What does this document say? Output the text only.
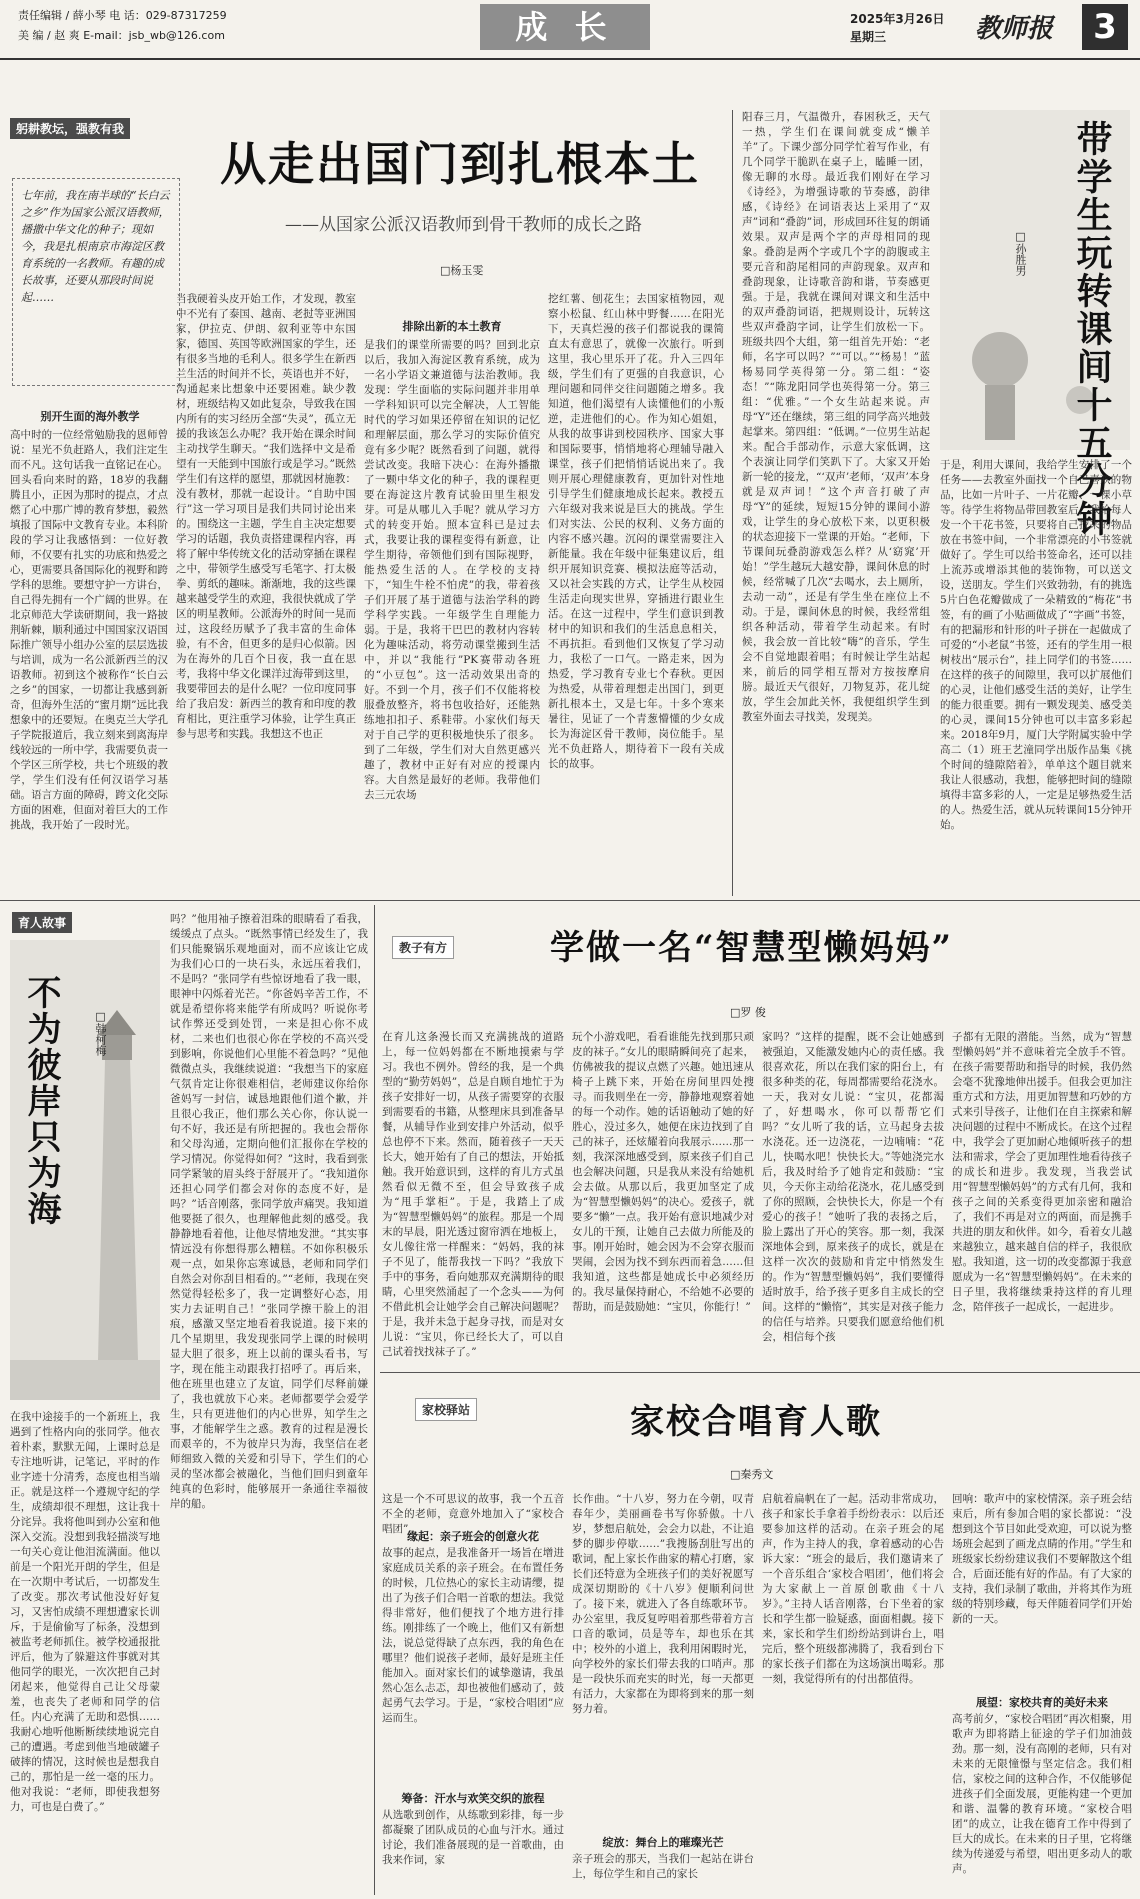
责任编辑 / 薛小琴 电 话：029-87317259
美 编 / 赵 爽 E-mail：jsb_wb@126.com	成 长	2025年3月26日
星期三	教师报	3
躬耕教坛，强教有我
从走出国门到扎根本土
——从国家公派汉语教师到骨干教师的成长之路
□杨玉雯
七年前，我在南半球的“长白云之乡”作为国家公派汉语教师，播撒中华文化的种子；现如今，我是扎根南京市海淀区教育系统的一名教师。有趣的成长故事，还要从那段时间说起……
别开生面的海外教学
高中时的一位经常勉励我的恩师曾说：星光不负赶路人，我们注定生而不凡。这句话我一直铭记在心。回头看向来时的路，18岁的我翻腾且小，正因为那时的提点，才点燃了心中那广博的教育梦想，毅然填报了国际中文教育专业。本科阶段的学习让我感悟到：一位好教师，不仅要有扎实的功底和热爱之心，更需要具备国际化的视野和跨学科的思维。要想守护一方讲台，自己得先拥有一个广阔的世界。在北京师范大学读研期间，我一路披荆斩棘，顺利通过中国国家汉语国际推广领导小组办公室的层层选拔与培训，成为一名公派新西兰的汉语教师。初到这个被称作“长白云之乡”的国家，一切都让我感到新奇，但海外生活的“蜜月期”远比我想象中的还要短。在奥克兰大学孔子学院报道后，我立刻来到离海岸线较远的一所中学，我需要负责一个学区三所学校，共七个班级的教学，学生们没有任何汉语学习基础。语言方面的障碍，跨文化交际方面的困难，但面对着巨大的工作挑战，我开始了一段时光。
当我硬着头皮开始工作，才发现，教室中不光有了泰国、越南、老挝等亚洲国家，伊拉克、伊朗、叙利亚等中东国家，德国、英国等欧洲国家的学生，还有很多当地的毛利人。很多学生在新西兰生活的时间并不长，英语也并不好，沟通起来比想象中还要困难。缺少教材，班级结构又如此复杂，导致我在国内所有的实习经历全部“失灵”，孤立无援的我该怎么办呢？我开始在课余时间主动找学生聊天。“我们选择中文是希望有一天能到中国旅行或是学习。”既然学生们有这样的愿望，那就因材施教：没有教材，那就一起设计。“自助中国行”这一学习项目是我们共同讨论出来的。围绕这一主题，学生自主决定想要学习的话题，我负责搭建课程内容，再将了解中华传统文化的活动穿插在课程之中，带领学生感受写毛笔字、打太极拳、剪纸的趣味。渐渐地，我的这些课越来越受学生的欢迎，我很快就成了学区的明星教师。公派海外的时间一晃而过，这段经历赋予了我丰富的生命体验，有不舍，但更多的是归心似箭。因为在海外的几百个日夜，我一直在思考，我将中华文化课洋过海带到这里，我要带回去的是什么呢？一位印度同事给了我启发：新西兰的教育和印度的教育相比，更注重学习体验，让学生真正参与思考和实践。我想这不也正
排除出新的本土教育
是我们的课堂所需要的吗？回到北京以后，我加入海淀区教育系统，成为一名小学语文兼道德与法治教师。我发现：学生面临的实际问题并非用单一学科知识可以完全解决，人工智能时代的学习如果还停留在知识的记忆和理解层面，那么学习的实际价值究竟有多少呢？既然看到了问题，就得尝试改变。我暗下决心：在海外播撒了一颗中华文化的种子，我的课程更要在海淀这片教育试验田里生根发芽。可是从哪儿入手呢？就从学习方式的转变开始。照本宣科已是过去式，我要让我的课程变得有新意，让学生期待，帝领他们到有国际视野，能热爱生活的人。在学校的支持下，“知生牛栓不怕虎”的我，带着孩子们开展了基于道德与法治学科的跨学科学实践。一年级学生自理能力弱。于是，我将干巴巴的教材内容转化为趣味活动，将劳动课堂搬到生活中，并以“我能行”PK赛带动各班的“小豆包”。这一活动效果出奇的好。不到一个月，孩子们不仅能将校服叠放整齐，将书包收拾好，还能熟练地扣扣子、系鞋带。小家伙们每天对于自己学的更积极地快乐了很多。到了二年级，学生们对大自然更感兴趣了，教材中正好有对应的授课内容。大自然是最好的老师。我带他们去三元农场
挖红薯、刨花生；去国家植物园，观察小松鼠、红山林中野餐……在阳光下，天真烂漫的孩子们都说我的课简直太有意思了，就像一次旅行。听到这里，我心里乐开了花。升入三四年级，学生们有了更强的自我意识，心理问题和同伴交往问题随之增多。我知道，他们渴望有人读懂他们的小叛逆，走进他们的心。作为知心姐姐，从我的故事讲到校园秩序、国家大事和国际要事，悄悄地将心理辅导融入课堂，孩子们把悄悄话说出来了。我则开展心理健康教育，更加针对性地引导学生们健康地成长起来。教授五六年级对我来说是巨大的挑战。学生们对实法、公民的权利、义务方面的内容不感兴趣。沉闷的课堂需要注入新能量。我在年级中征集建议后，组织开展知识竞赛、模拟法庭等活动，又以社会实践的方式，让学生从校园生活走向现实世界，穿插进行跟业生活。在这一过程中，学生们意识到教材中的知识和我们的生活息息相关，不再抗拒。看到他们又恢复了学习动力，我松了一口气。一路走来，因为热爱，学习教育专业七个春秋。更因为热爱，从带着理想走出国门，到更新扎根本土，又是七年。十多个寒来暑往，见证了一个青葱懵懂的少女成长为海淀区骨干教师，岗位能手。星光不负赶路人，期待着下一段有关成长的故事。
带学生玩转课间十五分钟
□孙胜男
阳春三月，气温微升，春困秋乏，天气一热，学生们在课间就变成“懒羊羊”了。下课少部分同学忙着写作业，有几个同学干脆趴在桌子上，瞌睡一团，像无聊的水母。最近我们刚好在学习《诗经》，为增强诗歌的节奏感，韵律感，《诗经》在词语表达上采用了“双声”词和“叠韵”词，形成回环往复的朗诵效果。双声是两个字的声母相同的现象。叠韵是两个字或几个字的韵腹或主要元音和韵尾相同的声韵现象。双声和叠韵现象，让诗歌音韵和谐，节奏感更强。于是，我就在课间对课文和生活中的双声叠韵词语，把规则设计，玩转这些双声叠韵字词，让学生们放松一下。班级共四个大组，第一组首先开始：“老师，名字可以吗？”“可以。”“杨易！”蓝杨易同学英得第一分。第二组：“姿态！”“陈龙阳同学也英得第一分。第三组：“优雅。”一个女生站起来说。声母“Y”还在继续，第三组的同学高兴地鼓起掌来。第四组：“低调。”一位男生站起来。配合手部动作，示意大家低调，这个表演让同学们笑趴下了。大家又开始新一轮的接龙，“‘双声’老师，‘双声’本身就是双声词！”这个声音打破了声母“Y”的延续，短短15分钟的课间小游戏，让学生的身心放松下来，以更积极的状态迎接下一堂课的开始。“老师，下节课间玩叠韵游戏怎么样？从‘窈窕’开始！”学生越玩大越安静，课间休息的时候，经常喊了几次“去喝水，去上厕所，去动一动”，还是有学生坐在座位上不动。于是，课间休息的时候，我经常组织各种活动，带着学生动起来。有时候，我会放一首比较“嗨”的音乐，学生会不自觉地跟着唱；有时候让学生站起来，前后的同学相互帮对方按按摩肩膀。最近天气很好，刀物复苏，花儿绽放，学生会加此关怀，我便组织学生到教室外面去寻找美，发现美。
于是，利用大课间，我给学生安排了一个任务——去教室外面找一个自己喜欢的物品，比如一片叶子、一片花瓣、一棵小草等。待学生将物品带回教室后，我给每人发一个干花书签，只要将自己找来的物品放在书签中间，一个非常漂亮的小书签就做好了。学生可以给书签命名，还可以挂上流苏或增添其他的装饰物，可以送文设，送朋友。学生们兴致勃勃，有的挑选5片白色花瓣做成了一朵精致的“梅花”书签，有的画了小贴画做成了“字画”书签，有的把漏形和针形的叶子拼在一起做成了可爱的“小老鼠”书签，还有的学生用一根树枝出“展示台”，挂上同学们的书签……在这样的孩子的间隙里，我可以扩展他们的心灵，让他们感受生活的美好，让学生的能力很重要。拥有一颗发现美、感受美的心灵，课间15分钟也可以丰富多彩起来。2018年9月，厦门大学附属实验中学高二（1）班王艺潼同学出版作品集《挑个时间的缝隙陪着》，单单这个题目就来我让人很感动，我想，能够把时间的缝隙填得丰富多彩的人，一定是足够热爱生活的人。热爱生活，就从玩转课间15分钟开始。
育人故事
不为彼岸只为海	□韩柯梅
在我中途接手的一个新班上，我遇到了性格内向的张同学。他衣着朴素，默默无闻，上课时总是专注地听讲，记笔记，平时的作业字迹十分清秀，态度也相当端正。就是这样一个遵规守纪的学生，成绩却很不理想，这让我十分诧异。我将他叫到办公室和他深入交流。没想到我轻描淡写地一句关心竟让他泪流满面。他以前是一个阳光开朗的学生，但是在一次期中考试后，一切都发生了改变。那次考试他没好好复习，又害怕成绩不理想遭家长训斥，于是偷偷写了标条，没想到被监考老师抓住。被学校通报批评后，他为了躲避这件事就对其他同学的眼光，一次次把自己封闭起来，他觉得自己让父母蒙羞，也丧失了老师和同学的信任。内心充满了无助和恐惧……我耐心地听他断断续续地说完自己的遭遇。考虑到他当地破罐子破摔的情况，这时候也是想我自己的，那怕是一丝一毫的压力。他对我说：“老师，即使我想努力，可也是白费了。”
吗？”他用袖子擦着泪珠的眼睛看了看我，缓缓点了点头。“既然事情已经发生了，我们只能聚锅乐观地面对，而不应该让它成为我们心口的一块石头，永远压着我们，不是吗？”张同学有些惊讶地看了我一眼，眼神中闪烁着光芒。“你爸妈辛苦工作，不就是希望你将来能学有所成吗？听说你考试作弊还受到处罚，一来是担心你不成材，二来也们也很心你在学校的不高兴受到影响，你说他们心里能不着急吗？”见他微微点头，我继续说道：“我想当下的家庭气氛肯定让你很难相信，老师建议你给你爸妈写一封信，诚恳地跟他们道个歉，并且很心我正，他们那么关心你，你认说一句不好，我还是有所把握的。我也会帮你和父母沟通，定期向他们汇报你在学校的学习情况。你觉得如何？”这时，我看到张同学紧皱的眉头终于舒展开了。“我知道你还担心同学们都会对你的态度不好，是吗？”话音刚落，张同学放声痛哭。我知道他要挺了很久，也理解他此刻的感受。我静静地看着他，让他尽情地发泄。“其实事情远没有你想得那么糟糕。不如你积极乐观一点，如果你忘寒诚恳，老师和同学们自然会对你刮目相看的。”“老师，我现在突然觉得轻松多了，我一定调整好心态，用实力去证明自己！”张同学擦干脸上的泪痕，感激又坚定地看着我说道。接下来的几个星期里，我发现张同学上课的时候明显大胆了很多，班上以前的课头看书，写字，现在能主动跟我打招呼了。再后来，他在班里也建立了友谊，同学们尽释前嫌了，我也就放下心来。老师都要学会爱学生，只有更进他们的内心世界，知学生之事，才能解学生之惑。教育的过程是漫长而艰辛的，不为彼岸只为海，我坚信在老师细致入微的关爱和引导下，学生们的心灵的坚冰都会被融化，当他们回归到童年纯真的色彩时，能够展开一条通往幸福彼岸的船。
教子有方	学做一名“智慧型懒妈妈”
□罗 俊
在育儿这条漫长而又充满挑战的道路上，每一位妈妈都在不断地摸索与学习。我也不例外。曾经的我，是一个典型的“勤劳妈妈”，总是自顾自地忙于为孩子安排好一切，从孩子需要穿的衣服到需要看的书籍，从整理床具到准备早餐，从辅导作业到安排户外活动，似乎总也停不下来。然而，随着孩子一天天长大，她开始有了自己的想法，开始抵触。我开始意识到，这样的育儿方式虽然看似无微不至，但会导致孩子成为“甩手掌柜”。于是，我踏上了成为“智慧型懒妈妈”的旅程。那是一个周末的早晨，阳光透过窗帘洒在地板上，女儿像往常一样醒来：“妈妈，我的袜子不见了，能帮我找一下吗？”我放下手中的事务，看向她那双充满期待的眼睛，心里突然涌起了一个念头——为何不借此机会让她学会自己解决问题呢？于是，我并未急于起身寻找，而是对女儿说：“宝贝，你已经长大了，可以自己试着找找袜子了。”
玩个小游戏吧，看看谁能先找到那只顽皮的袜子。”女儿的眼睛瞬间亮了起来，仿佛被我的提议点燃了兴趣。她迅速从椅子上跳下来，开始在房间里四处搜寻。而我则坐在一旁，静静地观察着她的每一个动作。她的话语触动了她的好胜心，没过多久，她便在床边找到了自己的袜子，还炫耀着向我展示……那一刻，我深深地感受到，原来孩子们自己也会解决问题，只是我从来没有给她机会去做。从那以后，我更加坚定了成为“智慧型懒妈妈”的决心。爱孩子，就要多“懒”一点。我开始有意识地减少对女儿的干预，让她自己去做力所能及的事。刚开始时，她会因为不会穿衣服而哭闹，会因为找不到东西而着急……但我知道，这些都是她成长中必须经历的。我尽量保持耐心，不给她不必要的帮助，而是鼓励她：“宝贝，你能行！”
家吗？”这样的提醒，既不会让她感到被强迫，又能激发她内心的责任感。我很喜欢花，所以在我们家的阳台上，有很多种类的花，每周都需要给花浇水。一天，我对女儿说：“宝贝，花都渴了，好想喝水，你可以帮帮它们吗？”女儿听了我的话，立马起身去拔水浇花。还一边浇花，一边喃喃：“花儿，快喝水吧！快快长大。”等她浇完水后，我及时给予了她肯定和鼓励：“宝贝，今天你主动给花浇水，花儿感受到了你的照顾，会快快长大，你是一个有爱心的孩子！”她听了我的表扬之后，脸上露出了开心的笑容。那一刻，我深深地体会到，原来孩子的成长，就是在这样一次次的鼓励和肯定中悄然发生的。作为“智慧型懒妈妈”，我们要懂得适时放手，给予孩子更多自主成长的空间。这样的“懒惰”，其实是对孩子能力的信任与培养。只要我们愿意给他们机会，相信每个孩
子都有无限的潜能。当然，成为“智慧型懒妈妈”并不意味着完全放手不管。在孩子需要帮助和指导的时候，我仍然会毫不犹豫地伸出援手。但我会更加注重方式和方法，用更加智慧和巧妙的方式来引导孩子，让他们在自主探索和解决问题的过程中不断成长。在这个过程中，我学会了更加耐心地倾听孩子的想法和需求，学会了更加理性地看待孩子的成长和进步。我发现，当我尝试用“智慧型懒妈妈”的方式有几何，我和孩子之间的关系变得更加亲密和融洽了，我们不再是对立的两面，而是携手共进的朋友和伙伴。如今，看着女儿越来越独立，越来越自信的样子，我很欣慰。我知道，这一切的改变都源于我意愿成为一名“智慧型懒妈妈”。在未来的日子里，我将继续秉持这样的育儿理念，陪伴孩子一起成长，一起进步。
家校驿站	家校合唱育人歌
□秦秀文
这是一个不可思议的故事，我一个五音不全的老师，竟意外地加入了“家校合唱团”。
缘起：亲子班会的创意火花
故事的起点，是我准备开一场旨在增进家庭成员关系的亲子班会。在布置任务的时候，几位热心的家长主动请缨，提出了为孩子们合唱一首歌的想法。我觉得非常好，他们便找了个地方进行排练。刚排练了一个晚上，他们又有新想法，说总觉得缺了点东西，我的角色在哪里？他们说孩子老师，最好是班主任能加入。面对家长们的诚挚邀请，我虽然心怎么忐忑，却也被他们感动了，鼓起勇气去学习。于是，“家校合唱团”应运而生。
筹备：汗水与欢笑交织的旅程
从选歌到创作，从练歌到彩排，每一步都凝聚了团队成员的心血与汗水。通过讨论，我们准备展现的是一首歌曲，由我来作词，家
长作曲。“十八岁，努力在今朝，叹青春年少，美丽画卷书写你骄傲。十八岁，梦想启航处，会会力以赴，不让追梦的脚步停歇……”我搜肠刮肚写出的歌词，配上家长作曲家的精心打磨，家长们还特意为全班孩子们的美好祝愿写成深切期盼的《十八岁》便顺利问世了。接下来，就进入了各自练歌环节。办公室里，我反复哼唱着那些带着方言口音的歌词，员是等车，却也乐在其中；校外的小道上，我利用闲暇时光，向学校外的家长们带去我的口哨声。那是一段快乐而充实的时光，每一天都更有活力，大家都在为即将到来的那一刻努力着。
绽放：舞台上的璀璨光芒
亲子班会的那天，当我们一起站在讲台上，每位学生和自己的家长
启航着扁帆在了一起。活动非常成功，孩子和家长手拿着手纷纷表示：以后还要参加这样的活动。在亲子班会的尾声，作为主持人的我，拿着感动的心告诉大家：“班会的最后，我们邀请来了一个音乐组合‘家校合唱团’，他们将会为大家献上一首原创歌曲《十八岁》。”主持人话音刚落，台下坐着的家长和学生都一脸疑惑，面面相觑。接下来，家长和学生们纷纷站到讲台上，唱完后，整个班级都沸腾了，我看到台下的家长孩子们都在为这场演出喝彩。那一刻，我觉得所有的付出都值得。
回响：歌声中的家校情深。亲子班会结束后，所有参加合唱的家长都说：“没想到这个节目如此受欢迎，可以说为整场班会起到了画龙点睛的作用。”学生和班级家长纷纷建议我们不要解散这个组合，后面还能有好的作品。有了大家的支持，我们录制了歌曲，并将其作为班级的特别珍藏，每天伴随着同学们开始新的一天。
展望：家校共育的美好未来
高考前夕，“家校合唱团”再次相聚，用歌声为即将踏上征途的学子们加油鼓劲。那一刻，没有高刚的老师，只有对未来的无限憧憬与坚定信念。我们相信，家校之间的这种合作，不仅能够促进孩子们全面发展，更能构建一个更加和谐、温馨的教育环境。“家校合唱团”的成立，让我在德育工作中得到了巨大的成长。在未来的日子里，它将继续为传递爱与希望，唱出更多动人的歌声。
